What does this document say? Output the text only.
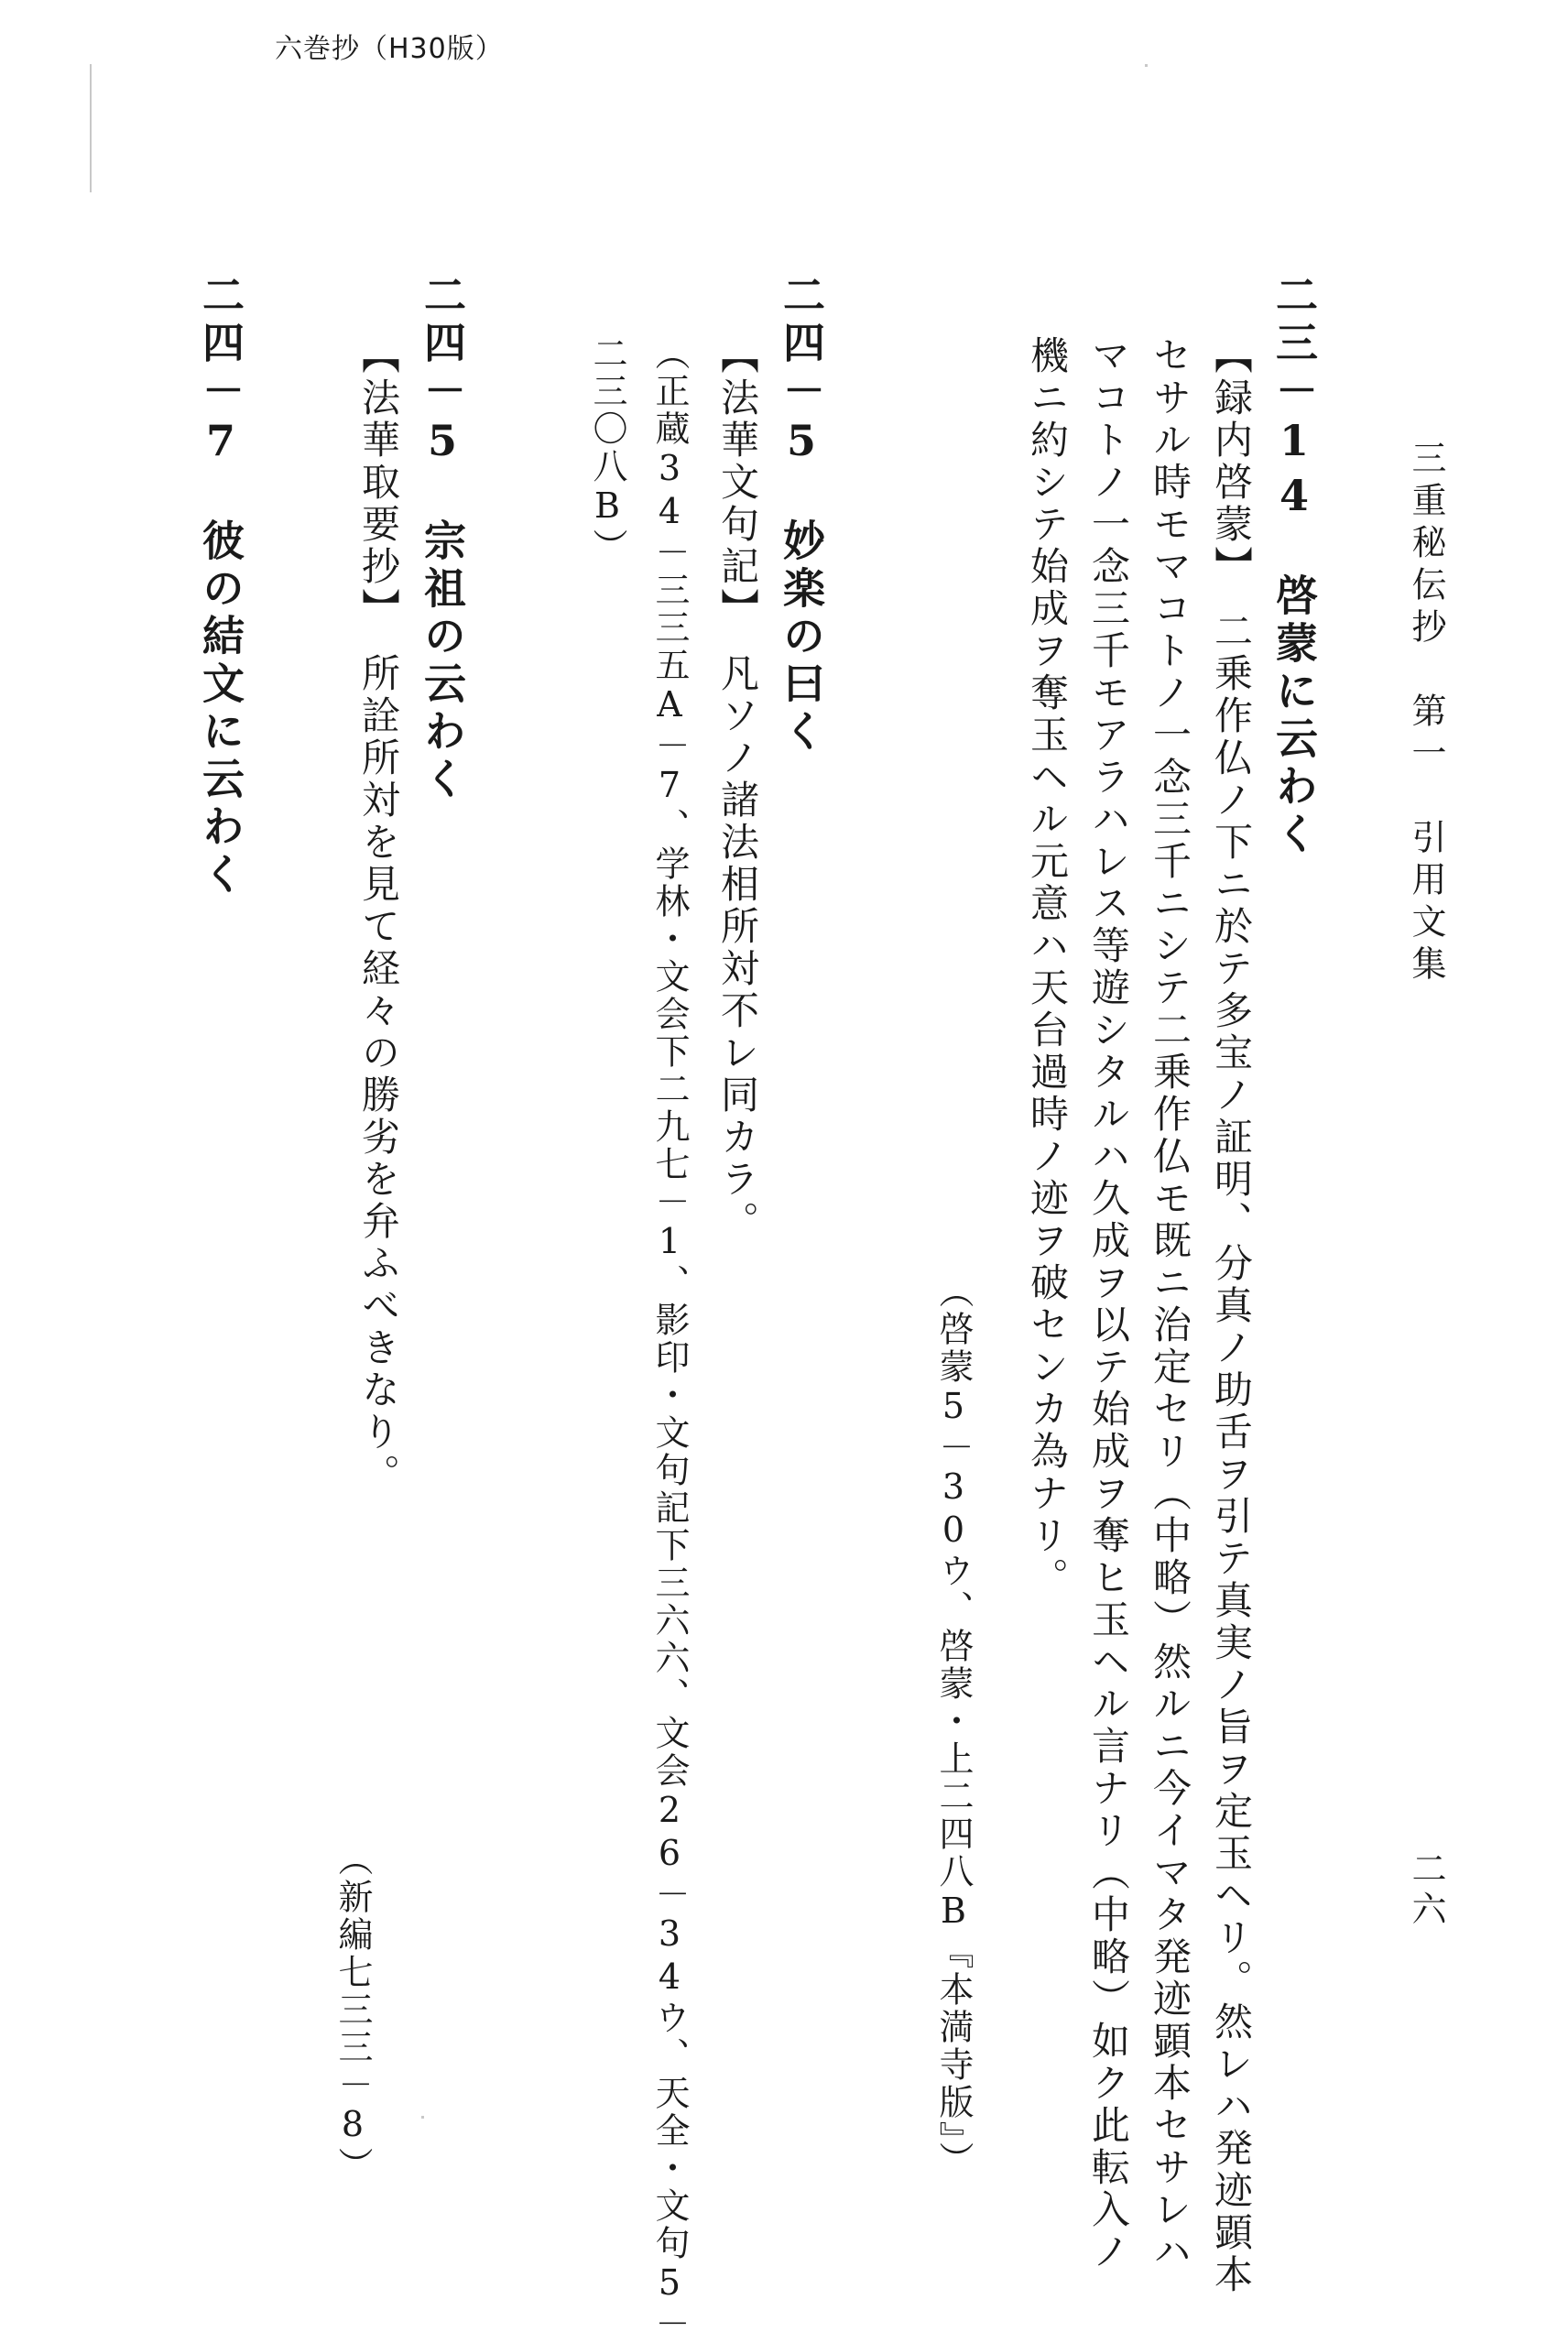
六巻抄（H30版）
三重秘伝抄　第一　引用文集
二六
二三－14　啓蒙に云わく
【録内啓蒙】　二乗作仏ノ下ニ於テ多宝ノ証明、分真ノ助舌ヲ引テ真実ノ旨ヲ定玉ヘリ。然レハ発迹顕本
セサル時モマコトノ一念三千ニシテ二乗作仏モ既ニ治定セリ（中略）然ルニ今イマタ発迹顕本セサレハ
マコトノ一念三千モアラハレス等遊シタルハ久成ヲ以テ始成ヲ奪ヒ玉ヘル言ナリ（中略）如ク此転入ノ
機ニ約シテ始成ヲ奪玉ヘル元意ハ天台過時ノ迹ヲ破センカ為ナリ。
（啓蒙5－30ウ、啓蒙・上二四八B『本満寺版』）
二四－5　妙楽の曰く
【法華文句記】　凡ソノ諸法相所対不レ同カラ。
（正蔵34－三三五A－7、学林・文会下二九七－1、影印・文句記下三六六、文会26－34ウ、天全・文句5－
二三〇八B）
二四－5　宗祖の云わく
【法華取要抄】　所詮所対を見て経々の勝劣を弁ふべきなり。
（新編七三三－8）
二四－7　彼の結文に云わく
